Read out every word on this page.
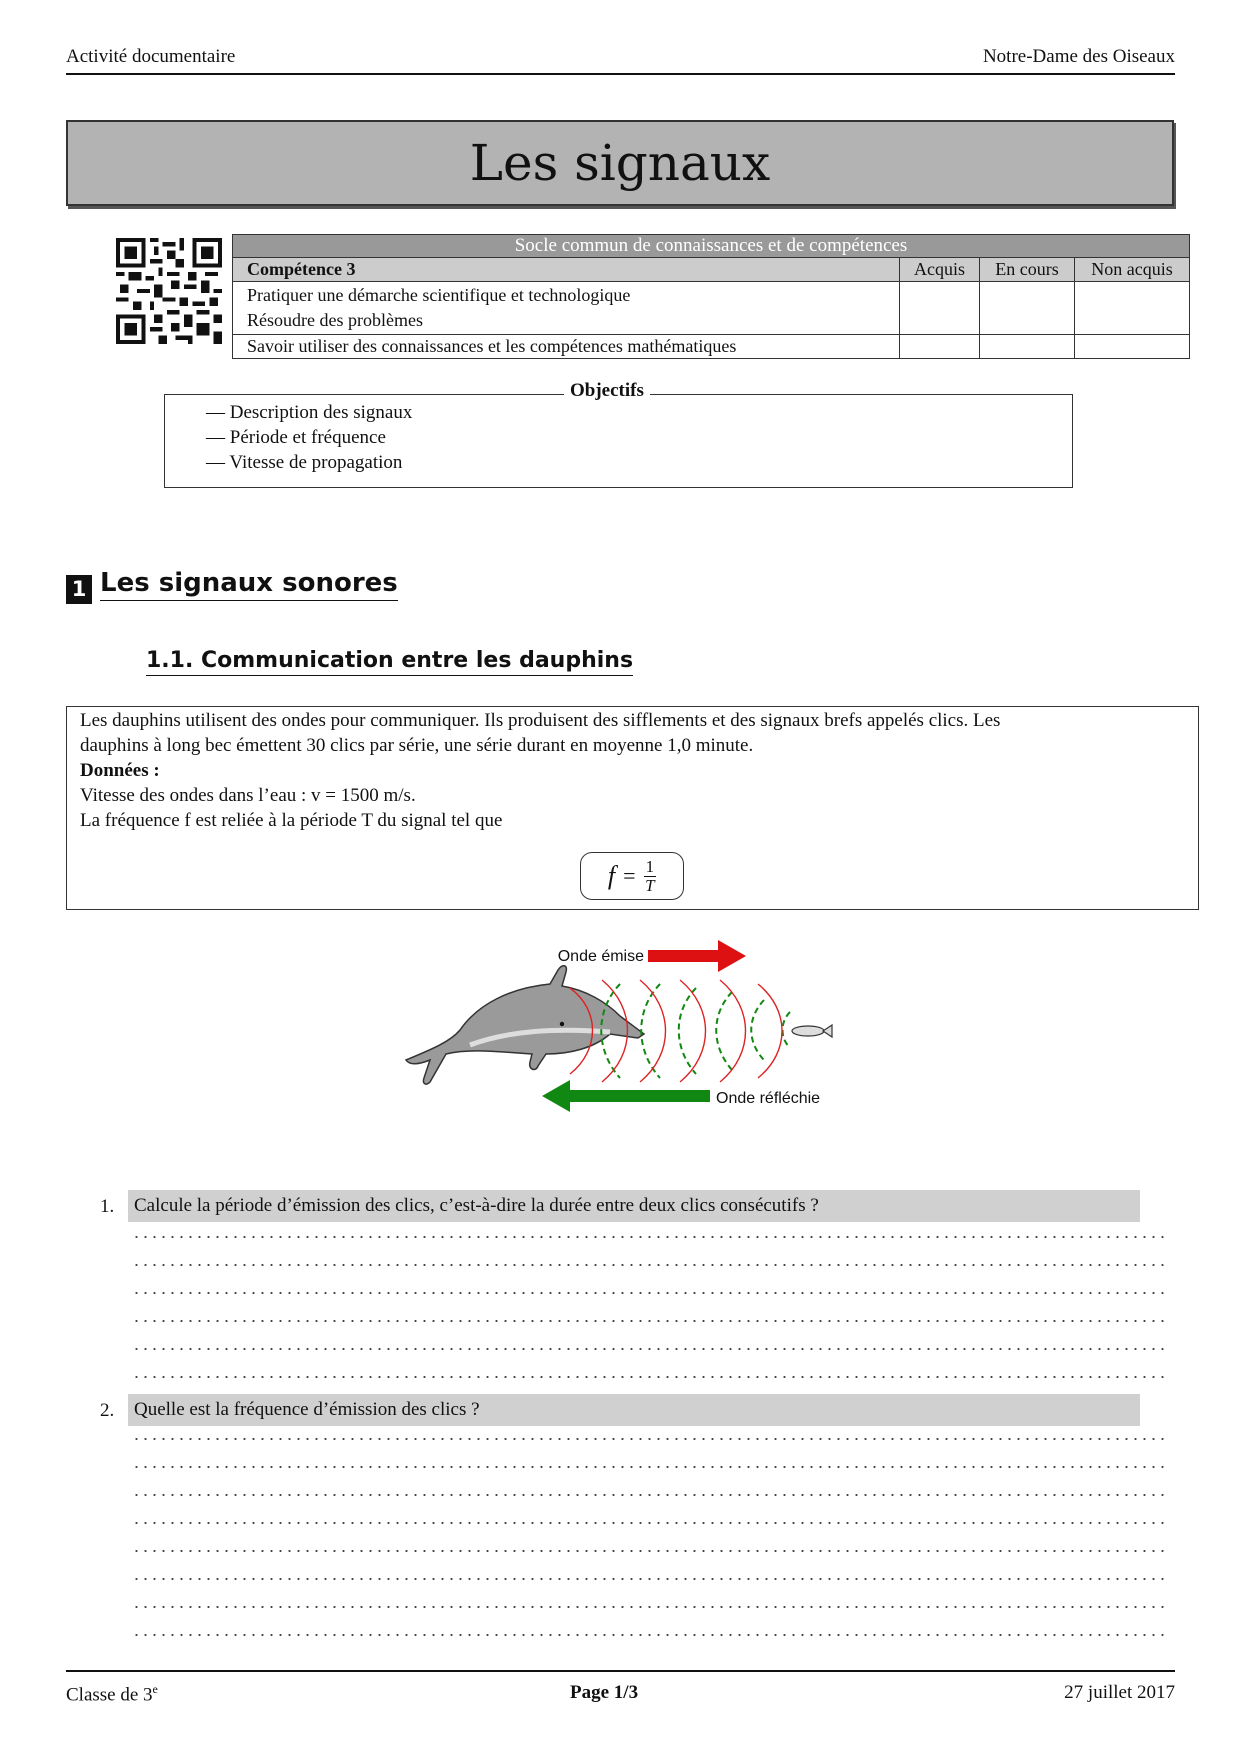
Activité documentaire	Notre-Dame des Oiseaux
Les signaux
Socle commun de connaissances et de compétences			
Compétence 3	Acquis	En cours	Non acquis

Pratiquer une démarche scientifique et technologique
Résoudre des problèmes			

Savoir utiliser des connaissances et les compétences mathématiques			
Objectifs
— Description des signaux
— Période et fréquence
— Vitesse de propagation
1 Les signaux sonores
1.1. Communication entre les dauphins
Les dauphins utilisent des ondes pour communiquer. Ils produisent des sifflements et des signaux brefs appelés clics. Les
dauphins à long bec émettent 30 clics par série, une série durant en moyenne 1,0 minute.
Données :
Vitesse des ondes dans l’eau : v = 1500 m/s.
La fréquence f est reliée à la période T du signal tel que
$f = \frac{1}{T}$
Onde émise
Onde réfléchie
1.	Calcule la période d’émission des clics, c’est-à-dire la durée entre deux clics consécutifs ?
2.	Quelle est la fréquence d’émission des clics ?
Classe de 3e	Page 1/3	27 juillet 2017
